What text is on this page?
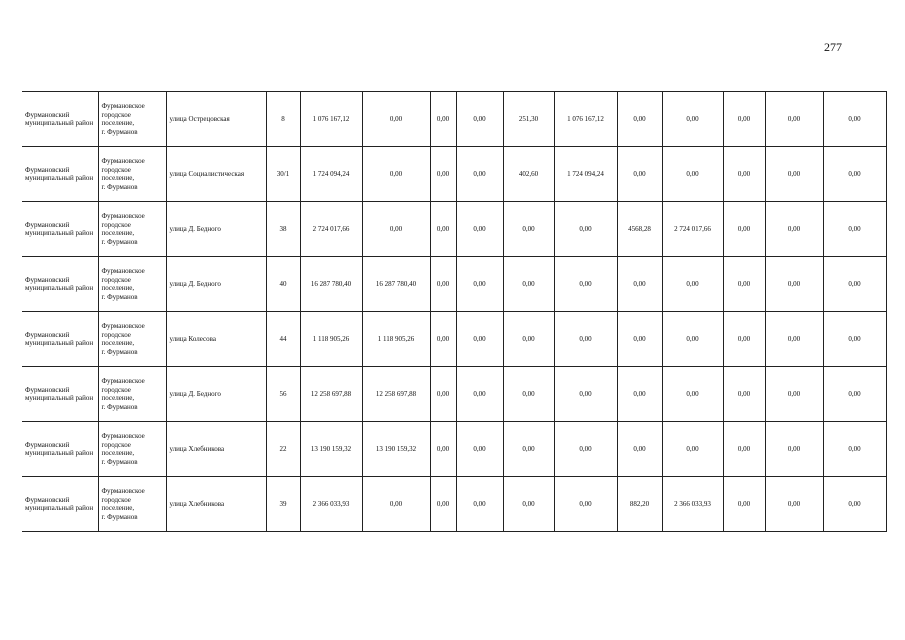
277
Фурмановский муниципальный район	Фурмановское
городское
поселение,
г. Фурманов	улица Острецовская	8	1 076 167,12	0,00	0,00	0,00	251,30	1 076 167,12	0,00	0,00	0,00	0,00	0,00
Фурмановский муниципальный район	Фурмановское
городское
поселение,
г. Фурманов	улица Социалистическая	30/1	1 724 094,24	0,00	0,00	0,00	402,60	1 724 094,24	0,00	0,00	0,00	0,00	0,00
Фурмановский муниципальный район	Фурмановское
городское
поселение,
г. Фурманов	улица Д. Бедного	38	2 724 017,66	0,00	0,00	0,00	0,00	0,00	4568,28	2 724 017,66	0,00	0,00	0,00
Фурмановский муниципальный район	Фурмановское
городское
поселение,
г. Фурманов	улица Д. Бедного	40	16 287 780,40	16 287 780,40	0,00	0,00	0,00	0,00	0,00	0,00	0,00	0,00	0,00
Фурмановский муниципальный район	Фурмановское
городское
поселение,
г. Фурманов	улица Колесова	44	1 118 905,26	1 118 905,26	0,00	0,00	0,00	0,00	0,00	0,00	0,00	0,00	0,00
Фурмановский муниципальный район	Фурмановское
городское
поселение,
г. Фурманов	улица Д. Бедного	56	12 258 697,88	12 258 697,88	0,00	0,00	0,00	0,00	0,00	0,00	0,00	0,00	0,00
Фурмановский муниципальный район	Фурмановское
городское
поселение,
г. Фурманов	улица Хлебникова	22	13 190 159,32	13 190 159,32	0,00	0,00	0,00	0,00	0,00	0,00	0,00	0,00	0,00
Фурмановский муниципальный район	Фурмановское
городское
поселение,
г. Фурманов	улица Хлебникова	39	2 366 033,93	0,00	0,00	0,00	0,00	0,00	882,20	2 366 033,93	0,00	0,00	0,00
